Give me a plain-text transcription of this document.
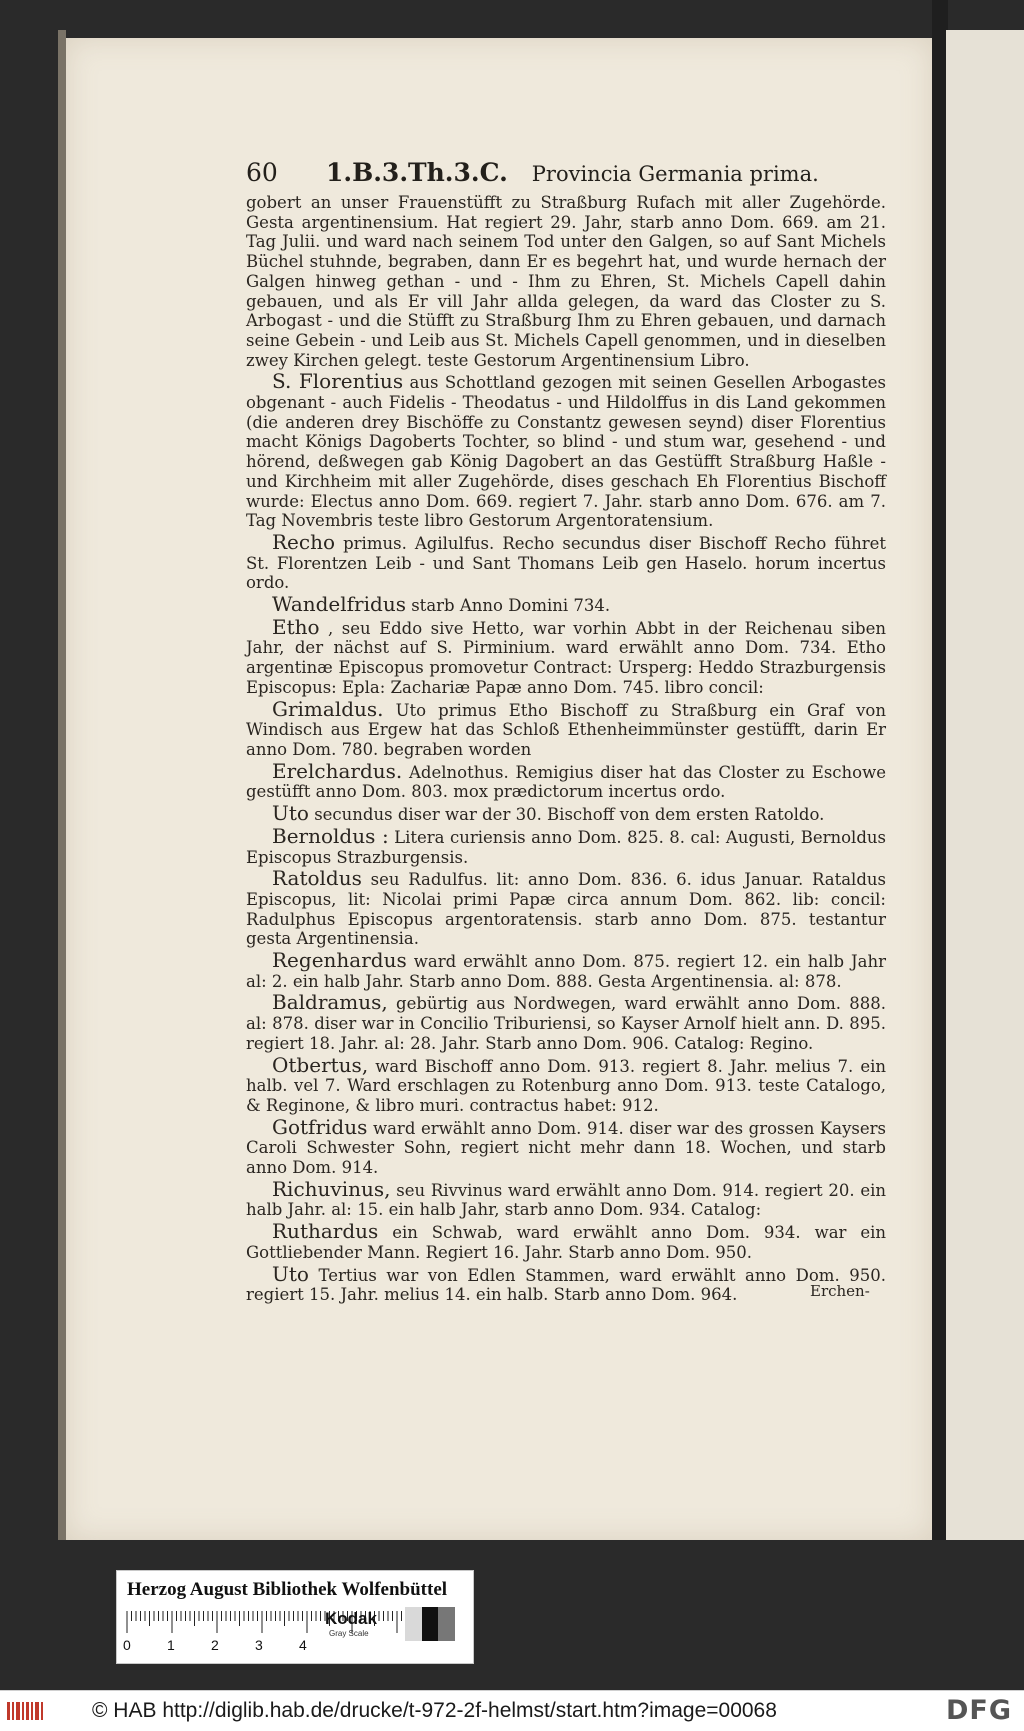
60	1.B.3.Th.3.C. Provincia Germania prima.

gobert an unser Frauenstüfft zu Straßburg Rufach mit aller Zugehörde. Gesta argentinensium. Hat regiert 29. Jahr, starb anno Dom. 669. am 21. Tag Julii. und ward nach seinem Tod unter den Galgen, so auf Sant Michels Büchel stuhnde, begraben, dann Er es begehrt hat, und wurde hernach der Galgen hinweg gethan - und - Ihm zu Ehren, St. Michels Capell dahin gebauen, und als Er vill Jahr allda gelegen, da ward das Closter zu S. Arbogast - und die Stüfft zu Straßburg Ihm zu Ehren gebauen, und darnach seine Gebein - und Leib aus St. Michels Capell genommen, und in dieselben zwey Kirchen gelegt. teste Gestorum Argentinensium Libro.

S. Florentius aus Schottland gezogen mit seinen Gesellen Arbogastes obgenant - auch Fidelis - Theodatus - und Hildolffus in dis Land gekommen (die anderen drey Bischöffe zu Constantz gewesen seynd) diser Florentius macht Königs Dagoberts Tochter, so blind - und stum war, gesehend - und hörend, deßwegen gab König Dagobert an das Gestüfft Straßburg Haßle - und Kirchheim mit aller Zugehörde, dises geschach Eh Florentius Bischoff wurde: Electus anno Dom. 669. regiert 7. Jahr. starb anno Dom. 676. am 7. Tag Novembris teste libro Gestorum Argentoratensium.

Recho primus. Agilulfus. Recho secundus diser Bischoff Recho führet St. Florentzen Leib - und Sant Thomans Leib gen Haselo. horum incertus ordo.

Wandelfridus starb Anno Domini 734.

Etho , seu Eddo sive Hetto, war vorhin Abbt in der Reichenau siben Jahr, der nächst auf S. Pirminium. ward erwählt anno Dom. 734. Etho argentinæ Episcopus promovetur Contract: Ursperg: Heddo Strazburgensis Episcopus: Epla: Zachariæ Papæ anno Dom. 745. libro concil:

Grimaldus. Uto primus Etho Bischoff zu Straßburg ein Graf von Windisch aus Ergew hat das Schloß Ethenheimmünster gestüfft, darin Er anno Dom. 780. begraben worden

Erelchardus. Adelnothus. Remigius diser hat das Closter zu Eschowe gestüfft anno Dom. 803. mox prædictorum incertus ordo.

Uto secundus diser war der 30. Bischoff von dem ersten Ratoldo.

Bernoldus : Litera curiensis anno Dom. 825. 8. cal: Augusti, Bernoldus Episcopus Strazburgensis.

Ratoldus seu Radulfus. lit: anno Dom. 836. 6. idus Januar. Rataldus Episcopus, lit: Nicolai primi Papæ circa annum Dom. 862. lib: concil: Radulphus Episcopus argentoratensis. starb anno Dom. 875. testantur gesta Argentinensia.

Regenhardus ward erwählt anno Dom. 875. regiert 12. ein halb Jahr al: 2. ein halb Jahr. Starb anno Dom. 888. Gesta Argentinensia. al: 878.

Baldramus, gebürtig aus Nordwegen, ward erwählt anno Dom. 888. al: 878. diser war in Concilio Triburiensi, so Kayser Arnolf hielt ann. D. 895. regiert 18. Jahr. al: 28. Jahr. Starb anno Dom. 906. Catalog: Regino.

Otbertus, ward Bischoff anno Dom. 913. regiert 8. Jahr. melius 7. ein halb. vel 7. Ward erschlagen zu Rotenburg anno Dom. 913. teste Catalogo, & Reginone, & libro muri. contractus habet: 912.

Gotfridus ward erwählt anno Dom. 914. diser war des grossen Kaysers Caroli Schwester Sohn, regiert nicht mehr dann 18. Wochen, und starb anno Dom. 914.

Richuvinus, seu Rivvinus ward erwählt anno Dom. 914. regiert 20. ein halb Jahr. al: 15. ein halb Jahr, starb anno Dom. 934. Catalog:

Ruthardus ein Schwab, ward erwählt anno Dom. 934. war ein Gottliebender Mann. Regiert 16. Jahr. Starb anno Dom. 950.

Uto Tertius war von Edlen Stammen, ward erwählt anno Dom. 950. regiert 15. Jahr. melius 14. ein halb. Starb anno Dom. 964.	Erchen-
Herzog August Bibliothek Wolfenbüttel
0	1	2	3	4
Kodak
Gray Scale
© HAB http://diglib.hab.de/drucke/t-972-2f-helmst/start.htm?image=00068	DFG
